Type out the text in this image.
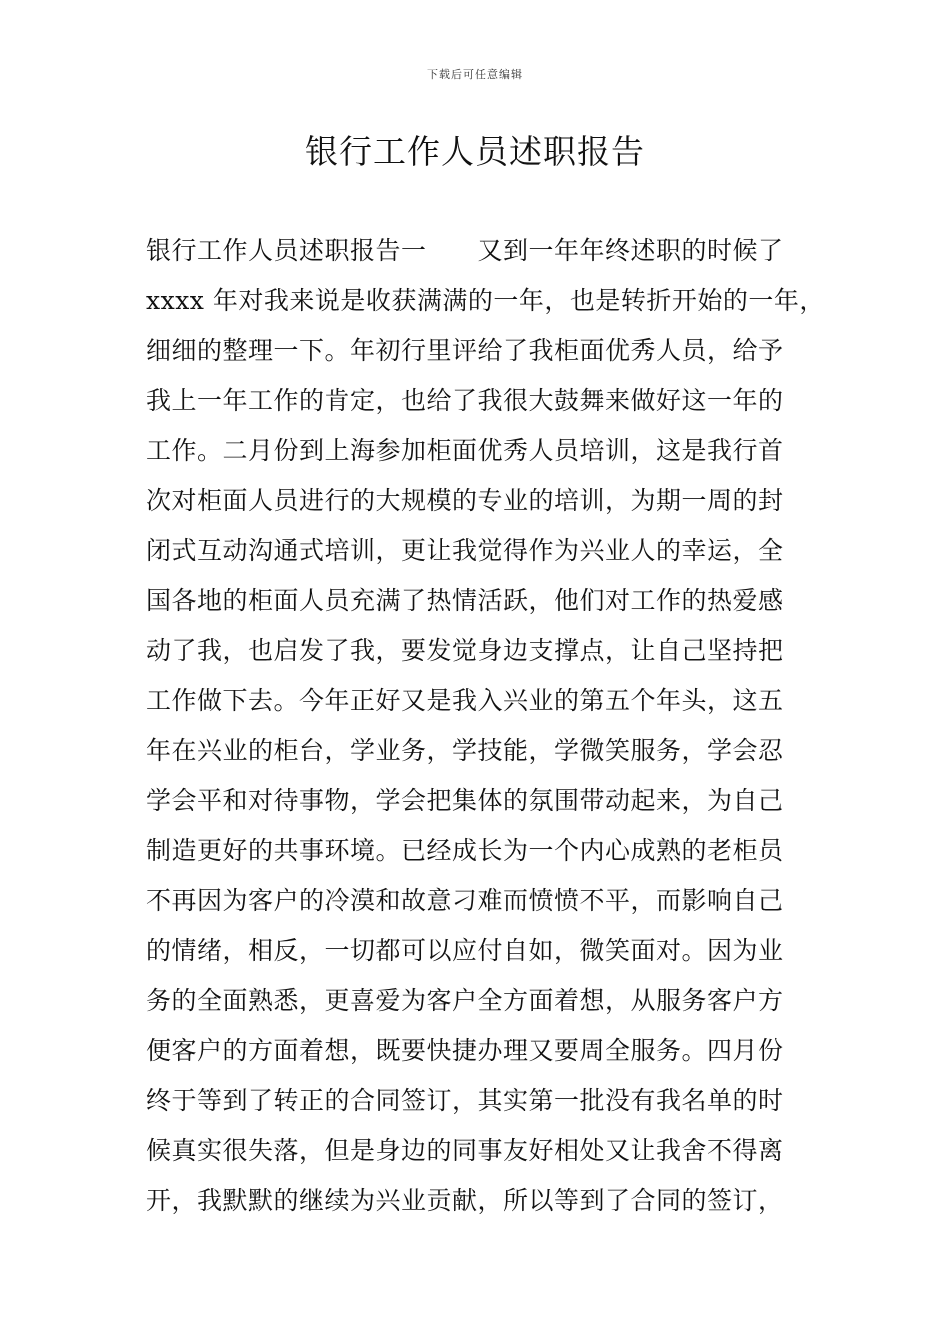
下载后可任意编辑
银行工作人员述职报告
银行工作人员述职报告一　　又到一年年终述职的时候了
xxxx 年对我来说是收获满满的一年，也是转折开始的一年，
细细的整理一下。年初行里评给了我柜面优秀人员，给予
我上一年工作的肯定，也给了我很大鼓舞来做好这一年的
工作。二月份到上海参加柜面优秀人员培训，这是我行首
次对柜面人员进行的大规模的专业的培训，为期一周的封
闭式互动沟通式培训，更让我觉得作为兴业人的幸运，全
国各地的柜面人员充满了热情活跃，他们对工作的热爱感
动了我，也启发了我，要发觉身边支撑点，让自己坚持把
工作做下去。今年正好又是我入兴业的第五个年头，这五
年在兴业的柜台，学业务，学技能，学微笑服务，学会忍
学会平和对待事物，学会把集体的氛围带动起来，为自己
制造更好的共事环境。已经成长为一个内心成熟的老柜员
不再因为客户的冷漠和故意刁难而愤愤不平，而影响自己
的情绪，相反，一切都可以应付自如，微笑面对。因为业
务的全面熟悉，更喜爱为客户全方面着想，从服务客户方
便客户的方面着想，既要快捷办理又要周全服务。四月份
终于等到了转正的合同签订，其实第一批没有我名单的时
候真实很失落，但是身边的同事友好相处又让我舍不得离
开，我默默的继续为兴业贡献，所以等到了合同的签订，
